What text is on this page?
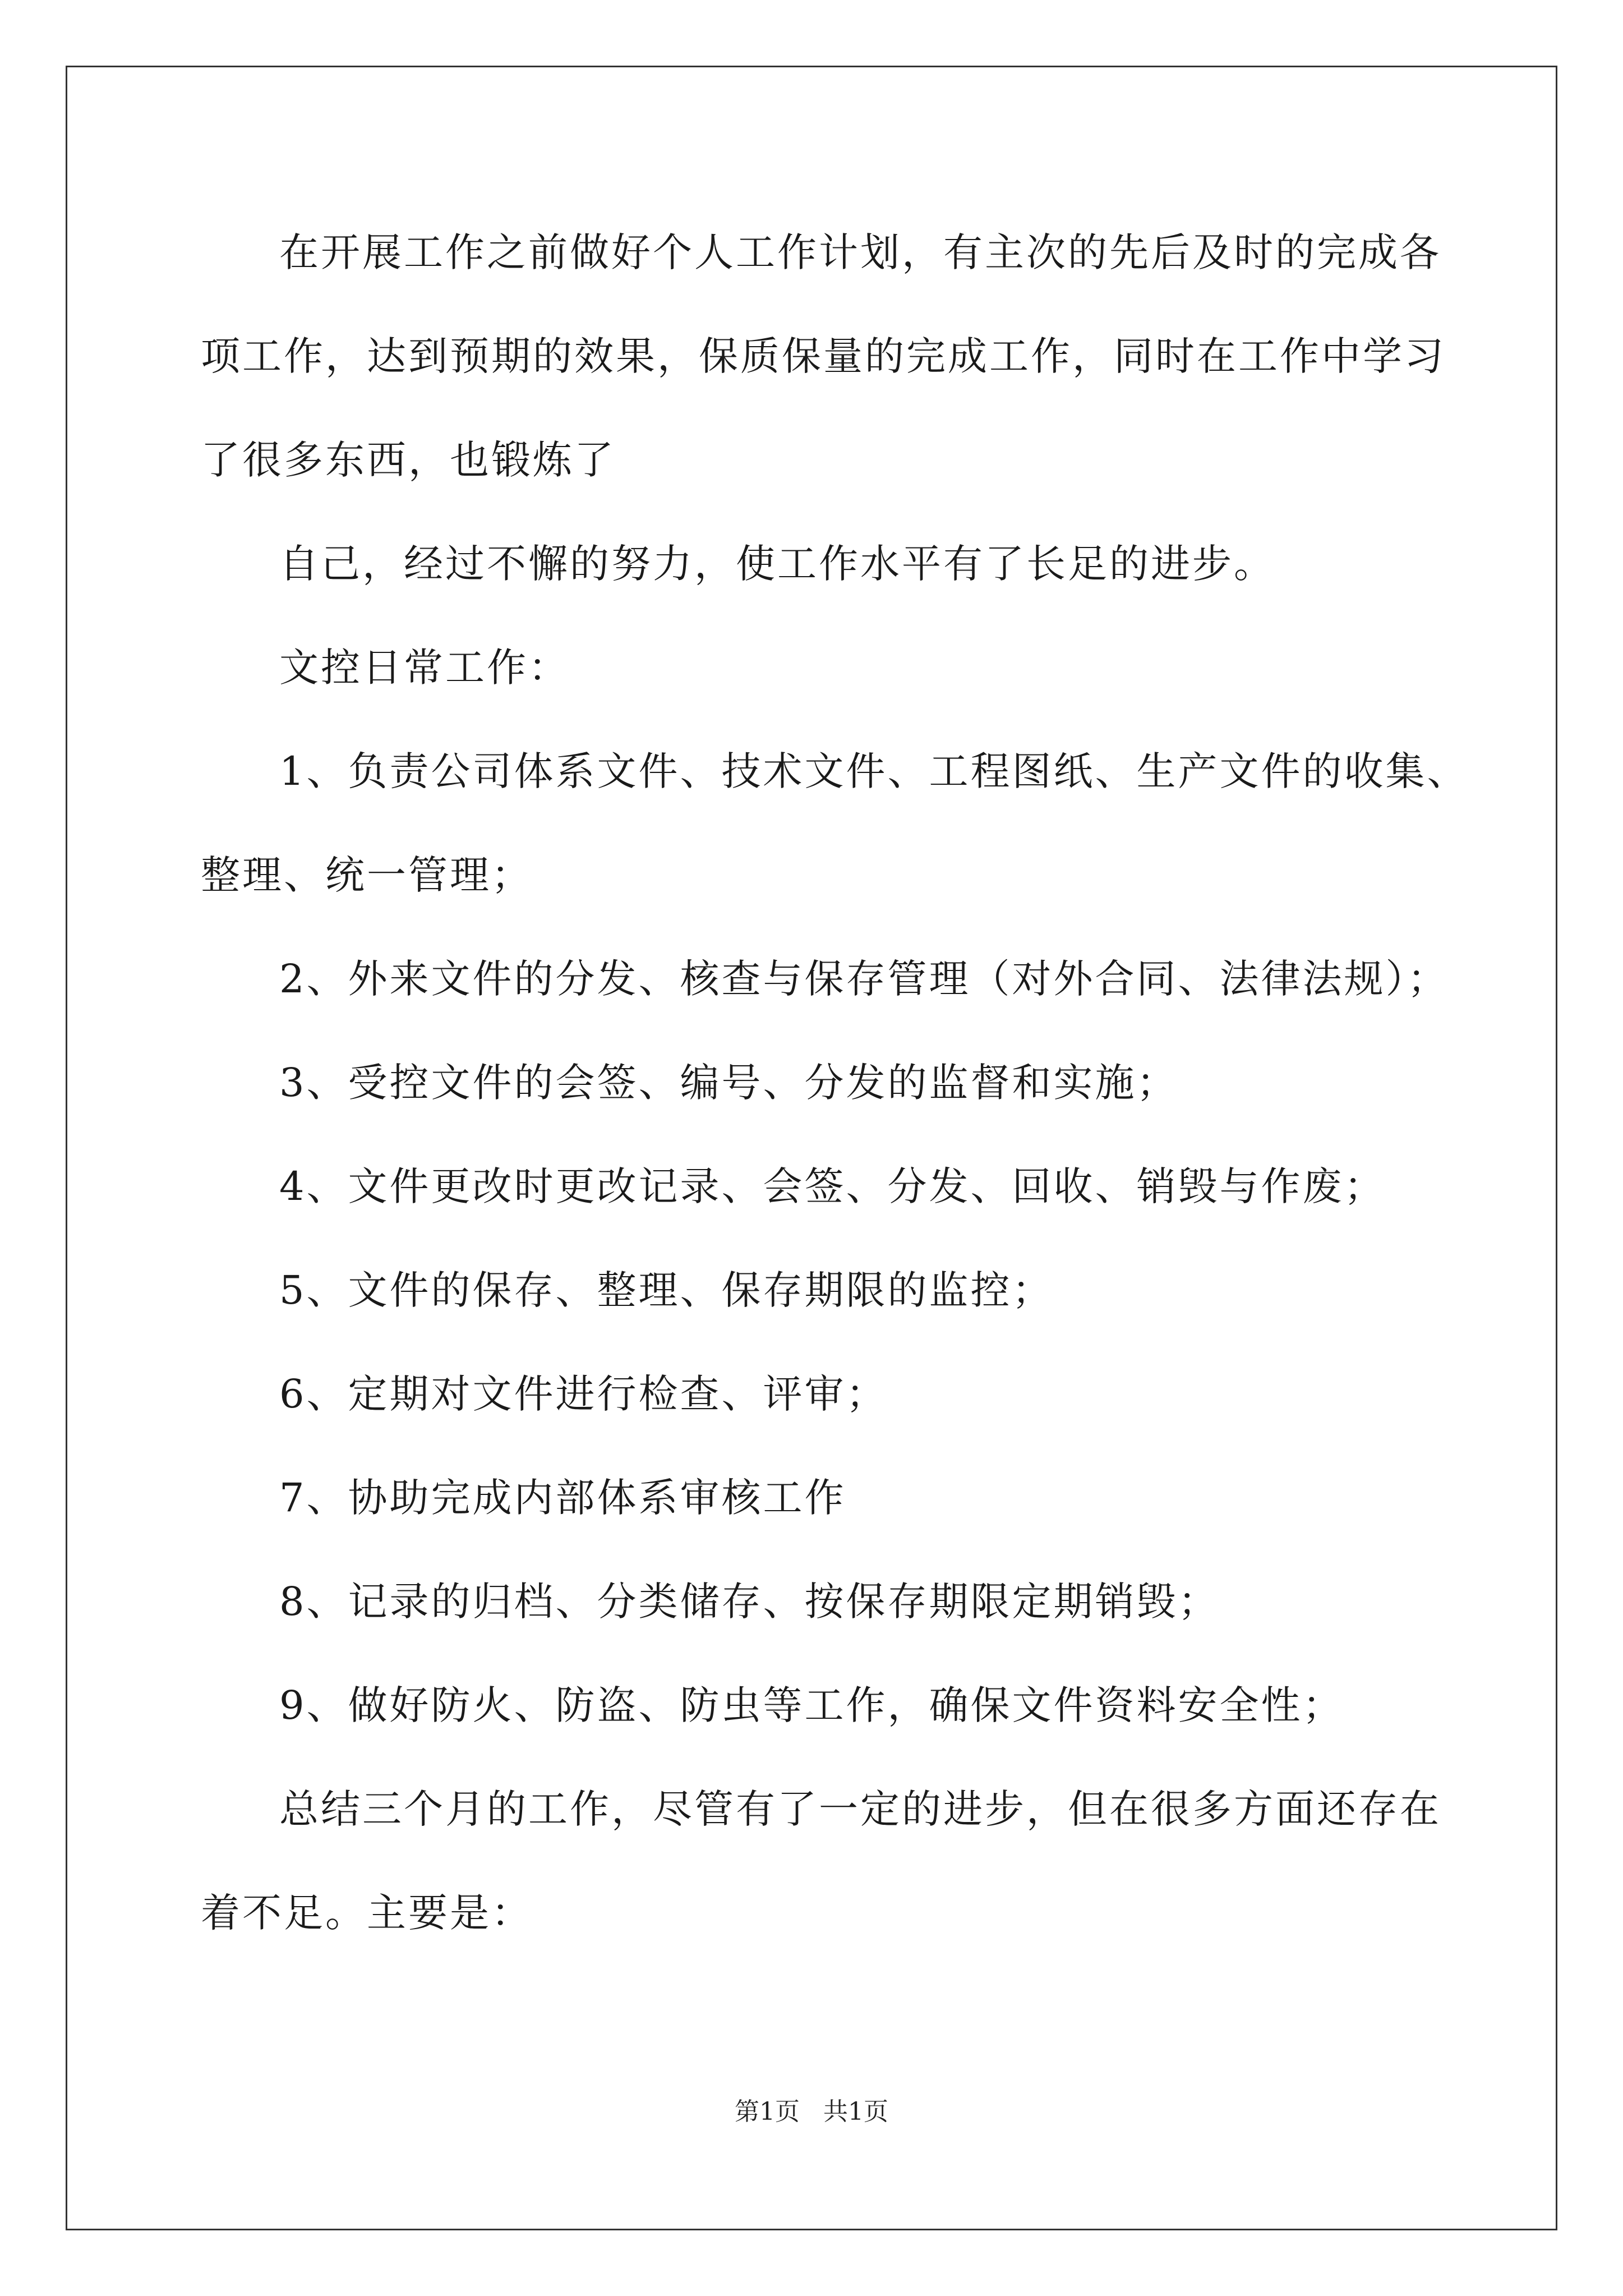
在开展工作之前做好个人工作计划，有主次的先后及时的完成各
项工作，达到预期的效果，保质保量的完成工作，同时在工作中学习
了很多东西，也锻炼了
自己，经过不懈的努力，使工作水平有了长足的进步。
文控日常工作：
1、负责公司体系文件、技术文件、工程图纸、生产文件的收集、
整理、统一管理；
2、外来文件的分发、核查与保存管理（对外合同、法律法规）；
3、受控文件的会签、编号、分发的监督和实施；
4、文件更改时更改记录、会签、分发、回收、销毁与作废；
5、文件的保存、整理、保存期限的监控；
6、定期对文件进行检查、评审；
7、协助完成内部体系审核工作
8、记录的归档、分类储存、按保存期限定期销毁；
9、做好防火、防盗、防虫等工作，确保文件资料安全性；
总结三个月的工作，尽管有了一定的进步，但在很多方面还存在
着不足。主要是：
第1页 共1页
